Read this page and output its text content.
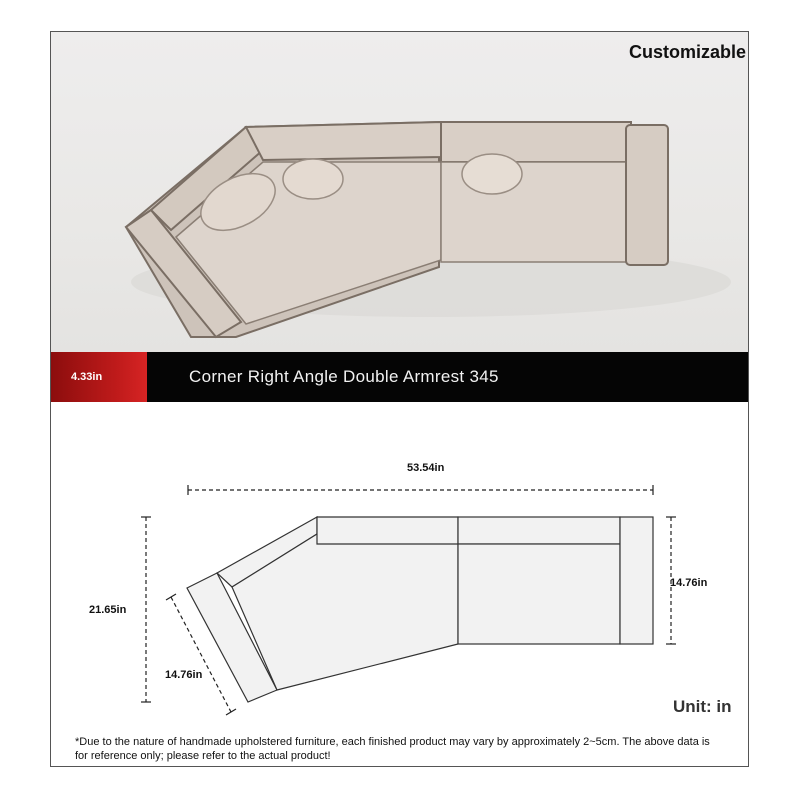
Customizable
4.33in	Corner Right Angle Double Armrest 345
53.54in
21.65in
14.76in
14.76in
Unit: in
*Due to the nature of handmade upholstered furniture, each finished product may vary by approximately 2~5cm. The above data is for reference only; please refer to the actual product!
